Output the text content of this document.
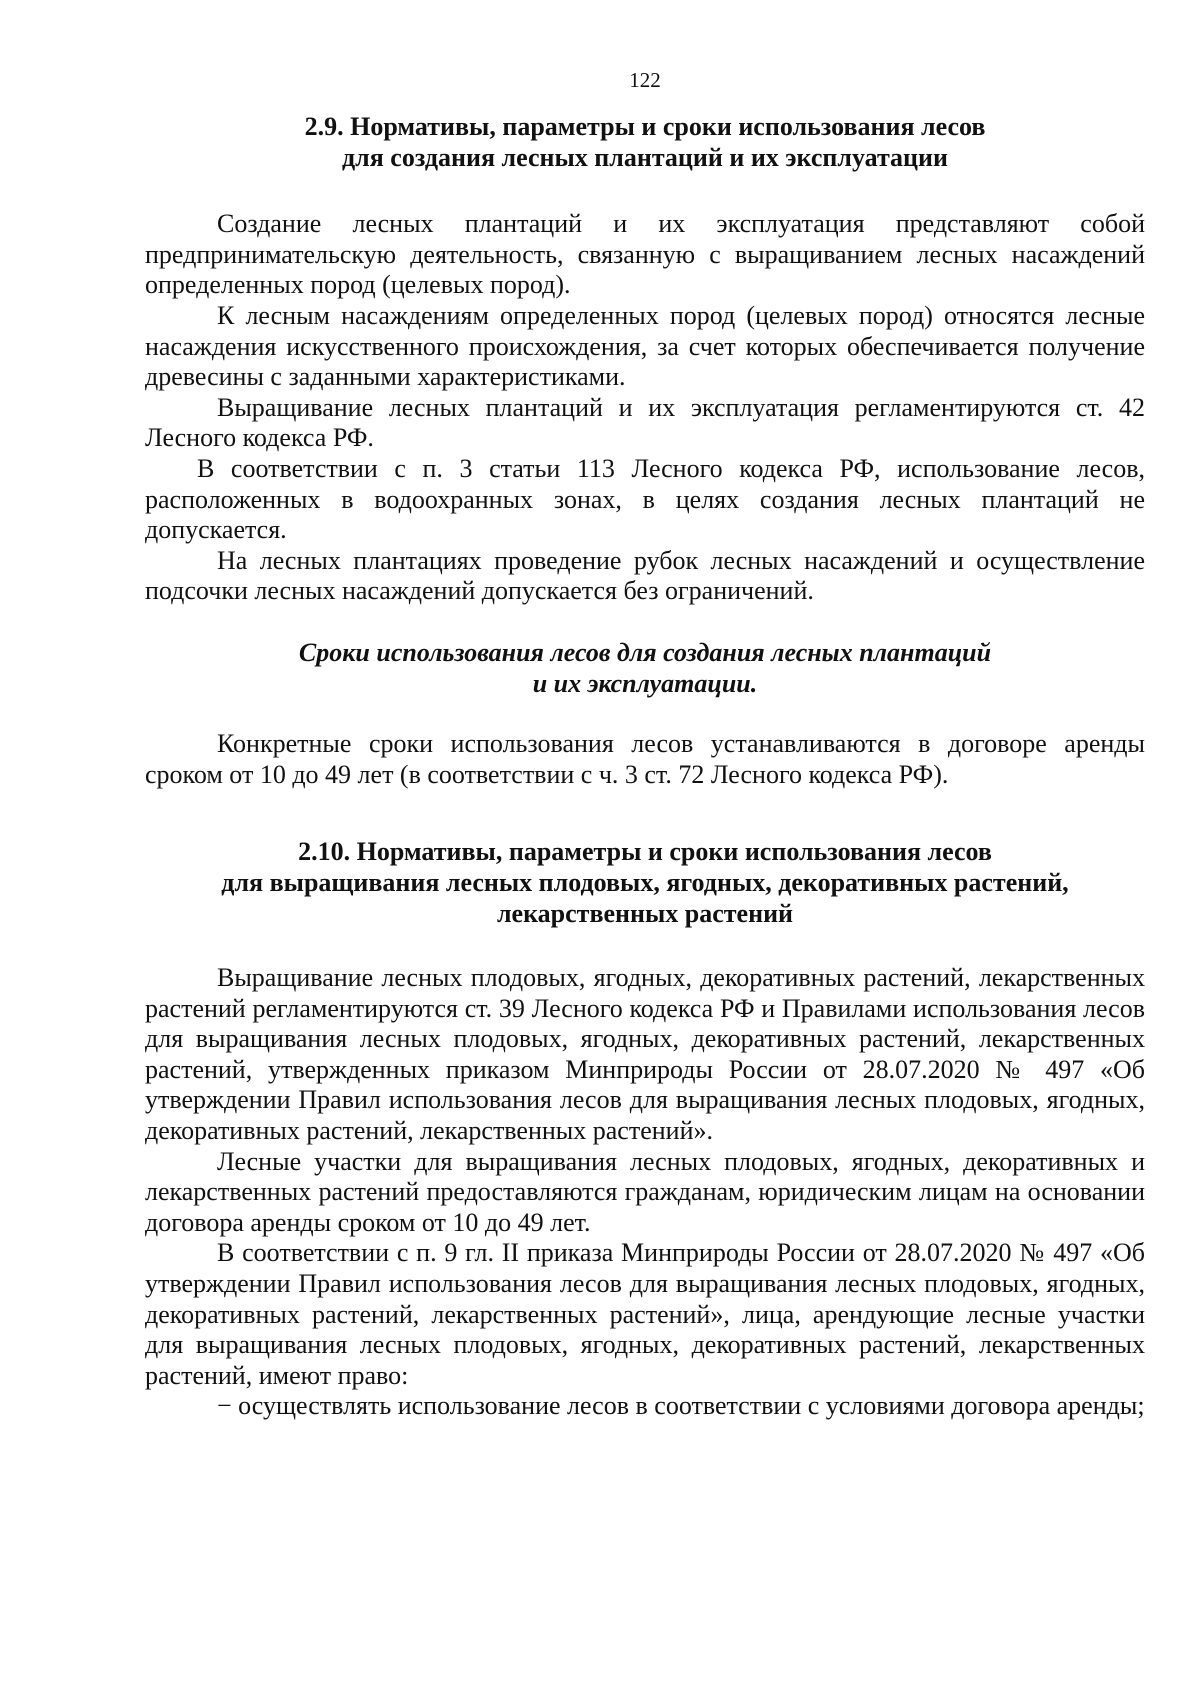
122
2.9. Нормативы, параметры и сроки использования лесов
для создания лесных плантаций и их эксплуатации

Создание лесных плантаций и их эксплуатация представляют собой предпринимательскую деятельность, связанную с выращиванием лесных насаждений определенных пород (целевых пород).

К лесным насаждениям определенных пород (целевых пород) относятся лесные насаждения искусственного происхождения, за счет которых обеспечивается получение древесины с заданными характеристиками.

Выращивание лесных плантаций и их эксплуатация регламентируются ст. 42 Лесного кодекса РФ.

В соответствии с п. 3 статьи 113 Лесного кодекса РФ, использование лесов, расположенных в водоохранных зонах, в целях создания лесных плантаций не допускается.

На лесных плантациях проведение рубок лесных насаждений и осуществление подсочки лесных насаждений допускается без ограничений.

Сроки использования лесов для создания лесных плантаций
и их эксплуатации.

Конкретные сроки использования лесов устанавливаются в договоре аренды сроком от 10 до 49 лет (в соответствии с ч. 3 ст. 72 Лесного кодекса РФ).

2.10. Нормативы, параметры и сроки использования лесов
для выращивания лесных плодовых, ягодных, декоративных растений,
лекарственных растений

Выращивание лесных плодовых, ягодных, декоративных растений, лекарственных растений регламентируются ст. 39 Лесного кодекса РФ и Правилами использования лесов для выращивания лесных плодовых, ягодных, декоративных растений, лекарственных растений, утвержденных приказом Минприроды России от 28.07.2020 № 497 «Об утверждении Правил использования лесов для выращивания лесных плодовых, ягодных, декоративных растений, лекарственных растений».

Лесные участки для выращивания лесных плодовых, ягодных, декоративных и лекарственных растений предоставляются гражданам, юридическим лицам на основании договора аренды сроком от 10 до 49 лет.

В соответствии с п. 9 гл. II приказа Минприроды России от 28.07.2020 № 497 «Об утверждении Правил использования лесов для выращивания лесных плодовых, ягодных, декоративных растений, лекарственных растений», лица, арендующие лесные участки для выращивания лесных плодовых, ягодных, декоративных растений, лекарственных растений, имеют право:

− осуществлять использование лесов в соответствии с условиями договора аренды;
